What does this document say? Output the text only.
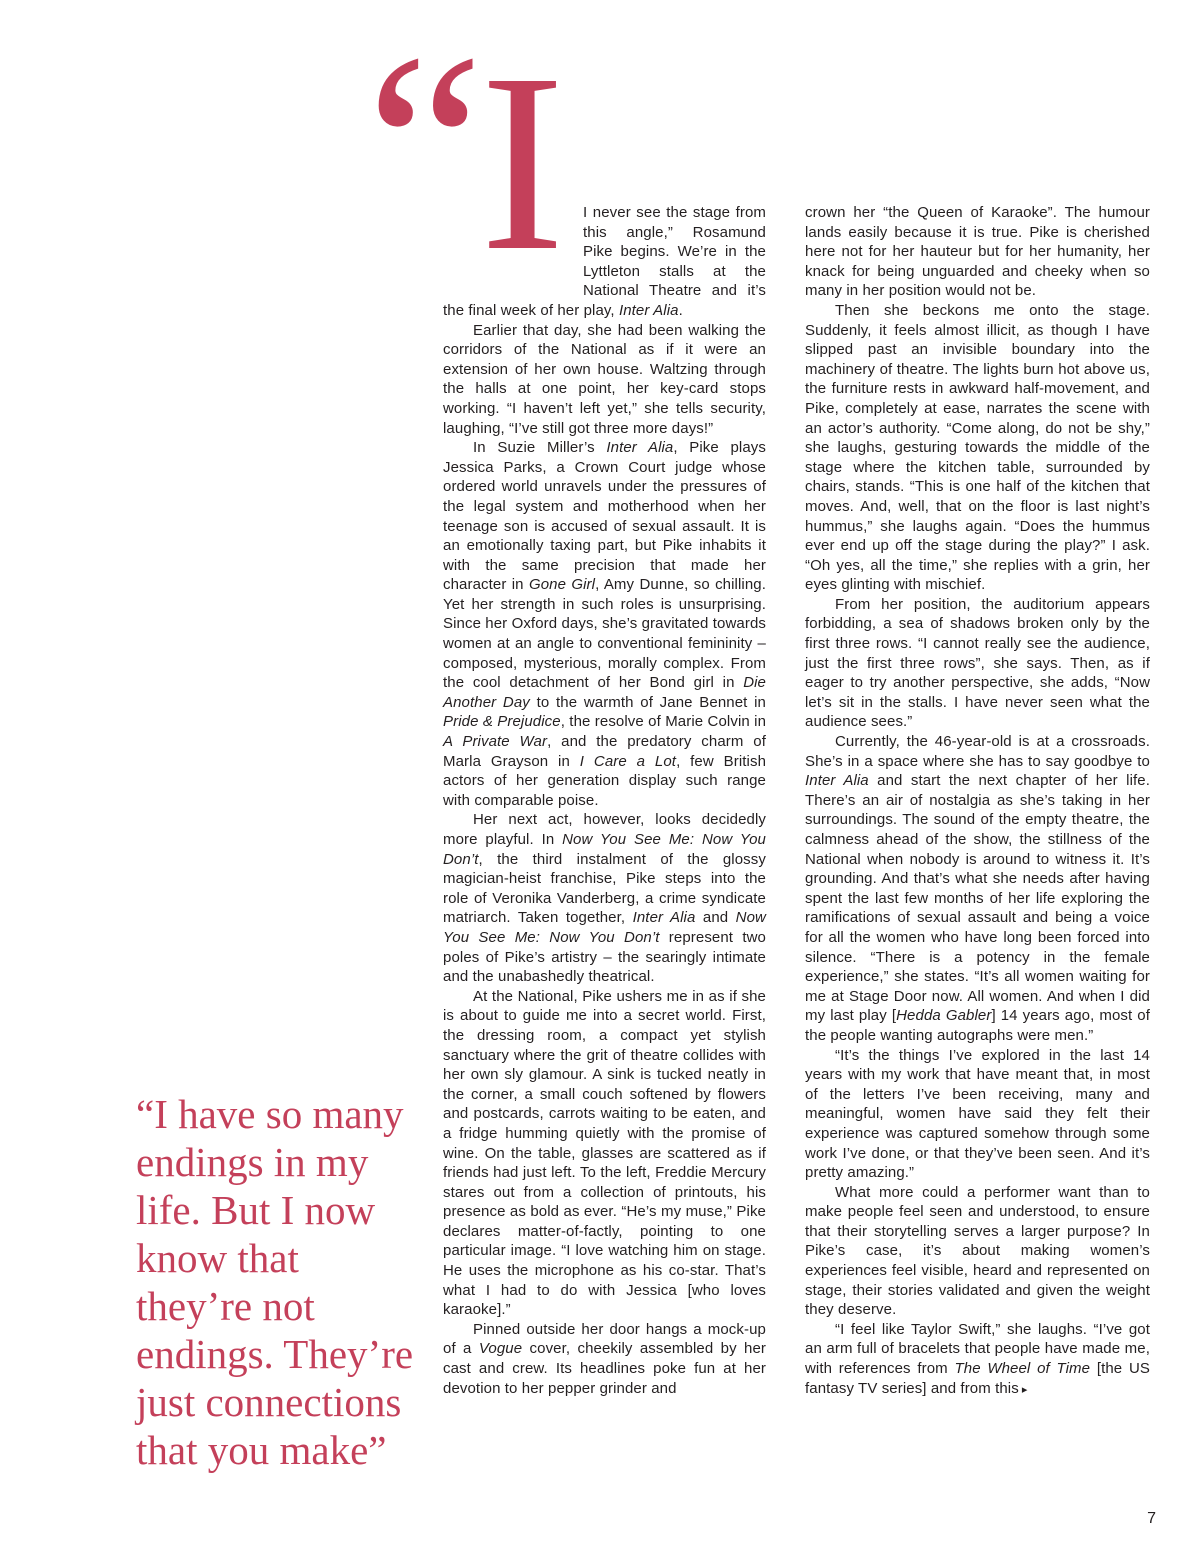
“ I	I never see the stage from this angle,” Rosamund Pike begins. We’re in the Lyttleton stalls at the National Theatre and it’s the final week of her play, Inter Alia.

Earlier that day, she had been walking the corridors of the National as if it were an extension of her own house. Waltzing through the halls at one point, her key-card stops working. “I haven’t left yet,” she tells security, laughing, “I’ve still got three more days!”

In Suzie Miller’s Inter Alia, Pike plays Jessica Parks, a Crown Court judge whose ordered world unravels under the pressures of the legal system and motherhood when her teenage son is accused of sexual assault. It is an emotionally taxing part, but Pike inhabits it with the same precision that made her character in Gone Girl, Amy Dunne, so chilling. Yet her strength in such roles is unsurprising. Since her Oxford days, she’s gravitated towards women at an angle to conventional femininity – composed, mysterious, morally complex. From the cool detachment of her Bond girl in Die Another Day to the warmth of Jane Bennet in Pride & Prejudice, the resolve of Marie Colvin in A Private War, and the predatory charm of Marla Grayson in I Care a Lot, few British actors of her generation display such range with comparable poise.

Her next act, however, looks decidedly more playful. In Now You See Me: Now You Don’t, the third instalment of the glossy magician-heist franchise, Pike steps into the role of Veronika Vanderberg, a crime syndicate matriarch. Taken together, Inter Alia and Now You See Me: Now You Don’t represent two poles of Pike’s artistry – the searingly intimate and the unabashedly theatrical.

At the National, Pike ushers me in as if she is about to guide me into a secret world. First, the dressing room, a compact yet stylish sanctuary where the grit of theatre collides with her own sly glamour. A sink is tucked neatly in the corner, a small couch softened by flowers and postcards, carrots waiting to be eaten, and a fridge humming quietly with the promise of wine. On the table, glasses are scattered as if friends had just left. To the left, Freddie Mercury stares out from a collection of printouts, his presence as bold as ever. “He’s my muse,” Pike declares matter-of-factly, pointing to one particular image. “I love watching him on stage. He uses the microphone as his co-star. That’s what I had to do with Jessica [who loves karaoke].”

Pinned outside her door hangs a mock-up of a Vogue cover, cheekily assembled by her cast and crew. Its headlines poke fun at her devotion to her pepper grinder and

crown her “the Queen of Karaoke”. The humour lands easily because it is true. Pike is cherished here not for her hauteur but for her humanity, her knack for being unguarded and cheeky when so many in her position would not be.

Then she beckons me onto the stage. Suddenly, it feels almost illicit, as though I have slipped past an invisible boundary into the machinery of theatre. The lights burn hot above us, the furniture rests in awkward half-movement, and Pike, completely at ease, narrates the scene with an actor’s authority. “Come along, do not be shy,” she laughs, gesturing towards the middle of the stage where the kitchen table, surrounded by chairs, stands. “This is one half of the kitchen that moves. And, well, that on the floor is last night’s hummus,” she laughs again. “Does the hummus ever end up off the stage during the play?” I ask. “Oh yes, all the time,” she replies with a grin, her eyes glinting with mischief.

From her position, the auditorium appears forbidding, a sea of shadows broken only by the first three rows. “I cannot really see the audience, just the first three rows”, she says. Then, as if eager to try another perspective, she adds, “Now let’s sit in the stalls. I have never seen what the audience sees.”

Currently, the 46-year-old is at a crossroads. She’s in a space where she has to say goodbye to Inter Alia and start the next chapter of her life. There’s an air of nostalgia as she’s taking in her surroundings. The sound of the empty theatre, the calmness ahead of the show, the stillness of the National when nobody is around to witness it. It’s grounding. And that’s what she needs after having spent the last few months of her life exploring the ramifications of sexual assault and being a voice for all the women who have long been forced into silence. “There is a potency in the female experience,” she states. “It’s all women waiting for me at Stage Door now. All women. And when I did my last play [Hedda Gabler] 14 years ago, most of the people wanting autographs were men.”

“It’s the things I’ve explored in the last 14 years with my work that have meant that, in most of the letters I’ve been receiving, many and meaningful, women have said they felt their experience was captured somehow through some work I’ve done, or that they’ve been seen. And it’s pretty amazing.”

What more could a performer want than to make people feel seen and understood, to ensure that their storytelling serves a larger purpose? In Pike’s case, it’s about making women’s experiences feel visible, heard and represented on stage, their stories validated and given the weight they deserve.

“I feel like Taylor Swift,” she laughs. “I’ve got an arm full of bracelets that people have made me, with references from The Wheel of Time [the US fantasy TV series] and from this ▸

“I have so many endings in my life. But I now know that they’re not endings. They’re just connections that you make”
7
